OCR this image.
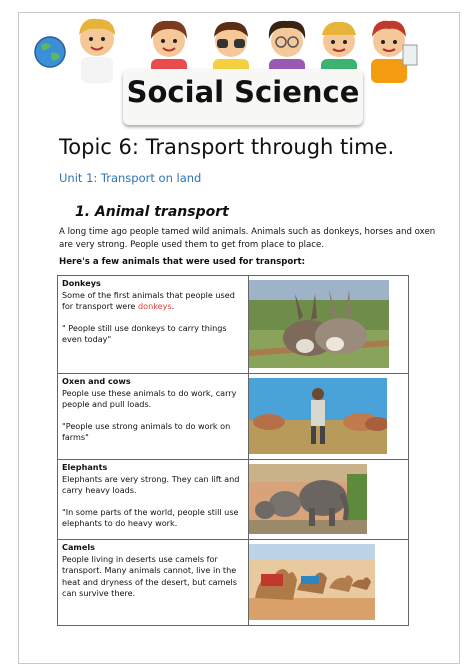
Social Science
Topic 6: Transport through time.
Unit 1: Transport on land
1. Animal transport
A long time ago people tamed wild animals. Animals such as donkeys, horses and oxen are very strong. People used them to get from place to place.
Here's a few animals that were used for transport:
Donkeys
Some of the first animals that people used for transport were donkeys.
" People still use donkeys to carry things even today"

Oxen and cows
People use these animals to do work, carry people and pull loads.
"People use strong animals to do work on farms"

Elephants
Elephants are very strong. They can lift and carry heavy loads.
"In some parts of the world, people still use elephants to do heavy work.

Camels
People living in deserts use camels for transport. Many animals cannot, live in the heat and dryness of the desert, but camels can survive there.
